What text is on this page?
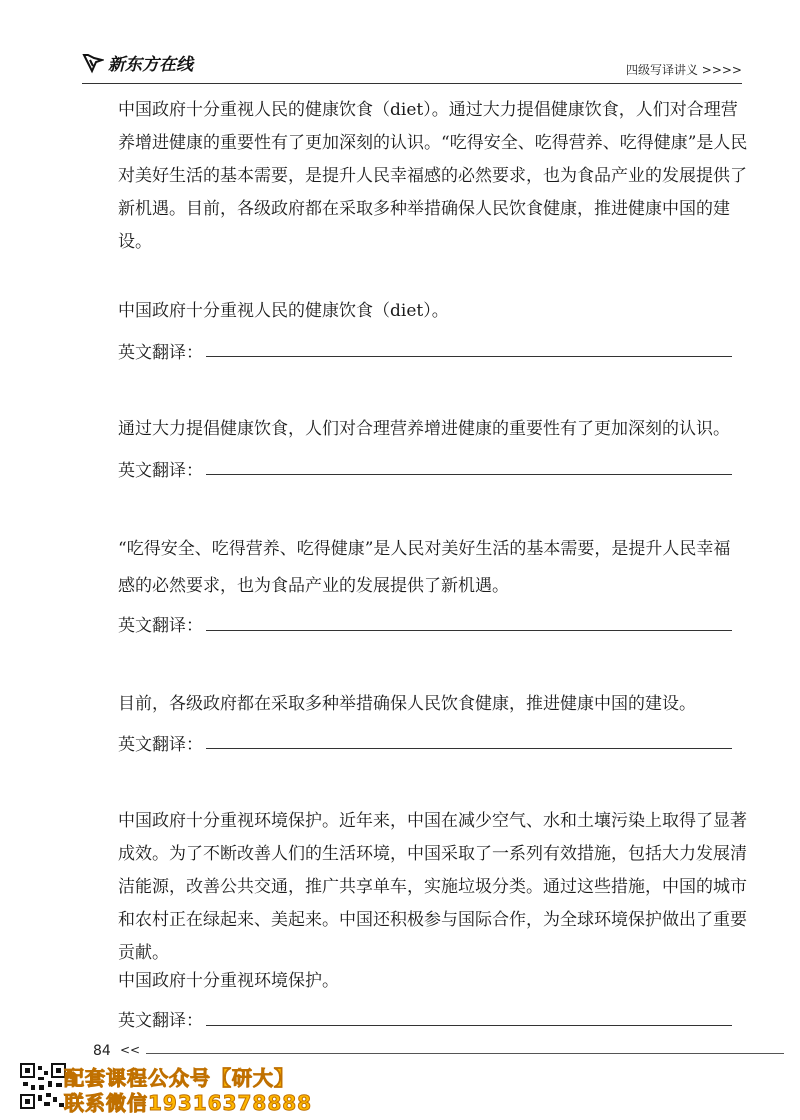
新东方在线	四级写译讲义 >>>>

中国政府十分重视人民的健康饮食（diet）。通过大力提倡健康饮食，人们对合理营养增进健康的重要性有了更加深刻的认识。“吃得安全、吃得营养、吃得健康”是人民对美好生活的基本需要，是提升人民幸福感的必然要求，也为食品产业的发展提供了新机遇。目前，各级政府都在采取多种举措确保人民饮食健康，推进健康中国的建设。

中国政府十分重视人民的健康饮食（diet）。
英文翻译：
通过大力提倡健康饮食，人们对合理营养增进健康的重要性有了更加深刻的认识。
英文翻译：
“吃得安全、吃得营养、吃得健康”是人民对美好生活的基本需要，是提升人民幸福
感的必然要求，也为食品产业的发展提供了新机遇。
英文翻译：
目前，各级政府都在采取多种举措确保人民饮食健康，推进健康中国的建设。
英文翻译：

中国政府十分重视环境保护。近年来，中国在减少空气、水和土壤污染上取得了显著成效。为了不断改善人们的生活环境，中国采取了一系列有效措施，包括大力发展清洁能源，改善公共交通，推广共享单车，实施垃圾分类。通过这些措施，中国的城市和农村正在绿起来、美起来。中国还积极参与国际合作，为全球环境保护做出了重要贡献。

中国政府十分重视环境保护。
英文翻译：
84 <<
配套课程公众号【研大】
联系微信19316378888
